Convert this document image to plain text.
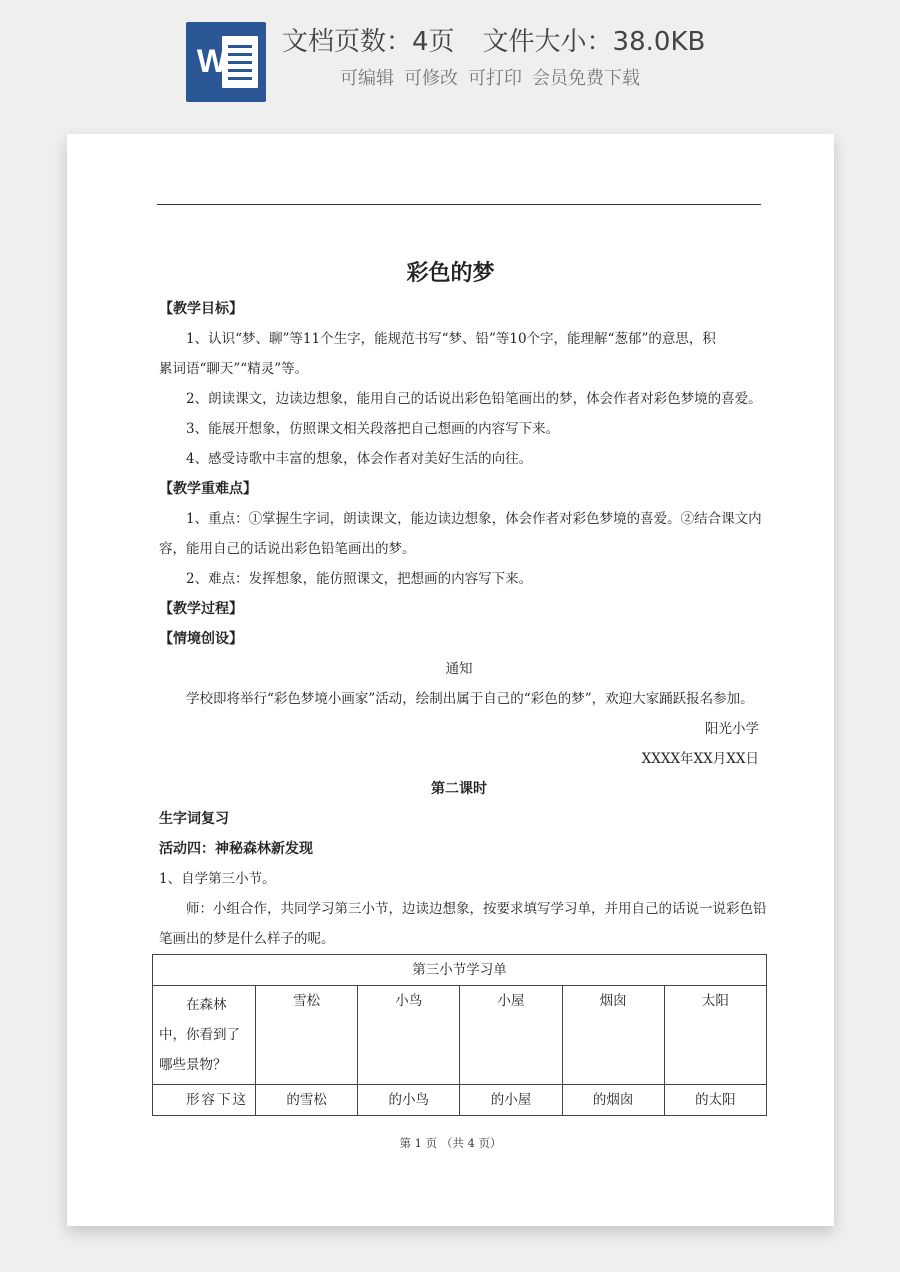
W
文档页数：4页 文件大小：38.0KB
可编辑 可修改 可打印 会员免费下载
彩色的梦
【教学目标】
1、认识“梦、聊”等11个生字，能规范书写“梦、铅”等10个字，能理解“葱郁”的意思，积
累词语“聊天”“精灵”等。
2、朗读课文，边读边想象，能用自己的话说出彩色铅笔画出的梦，体会作者对彩色梦境的喜爱。
3、能展开想象，仿照课文相关段落把自己想画的内容写下来。
4、感受诗歌中丰富的想象，体会作者对美好生活的向往。
【教学重难点】
1、重点：①掌握生字词，朗读课文，能边读边想象，体会作者对彩色梦境的喜爱。②结合课文内
容，能用自己的话说出彩色铅笔画出的梦。
2、难点：发挥想象，能仿照课文，把想画的内容写下来。
【教学过程】
【情境创设】
通知
学校即将举行“彩色梦境小画家”活动，绘制出属于自己的“彩色的梦”，欢迎大家踊跃报名参加。
阳光小学
XXXX年XX月XX日
第二课时
生字词复习
活动四：神秘森林新发现
1、自学第三小节。
师：小组合作，共同学习第三小节，边读边想象，按要求填写学习单，并用自己的话说一说彩色铅
笔画出的梦是什么样子的呢。
第三小节学习单					
在森林中，你看到了哪些景物？	雪松	小鸟	小屋	烟囱	太阳
形容下这	的雪松	的小鸟	的小屋	的烟囱	的太阳
第 1 页 （共 4 页）
